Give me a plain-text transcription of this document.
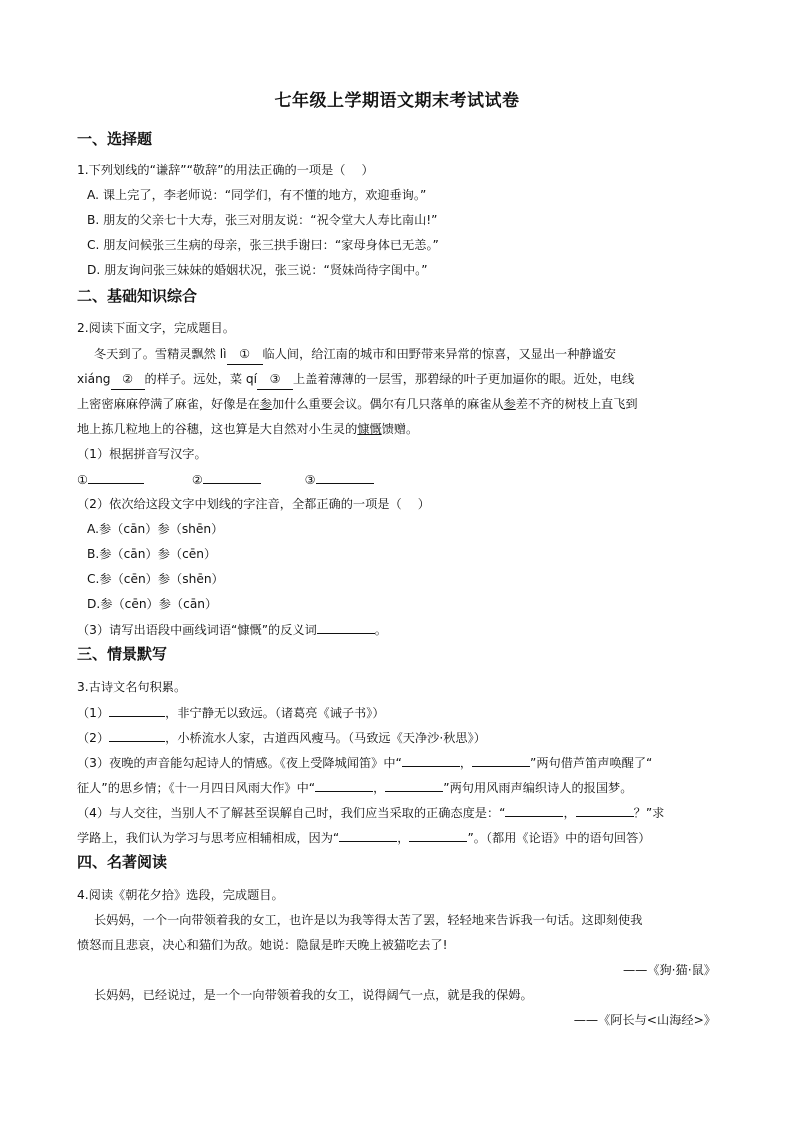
七年级上学期语文期末考试试卷
一、选择题
1.下列划线的“谦辞”“敬辞”的用法正确的一项是（　 ）
A. 课上完了，李老师说：“同学们，有不懂的地方，欢迎垂询。”
B. 朋友的父亲七十大寿，张三对朋友说：“祝令堂大人寿比南山!”
C. 朋友问候张三生病的母亲，张三拱手谢曰：“家母身体已无恙。”
D. 朋友询问张三妹妹的婚姻状况，张三说：“贤妹尚待字闺中。”
二、基础知识综合
2.阅读下面文字，完成题目。
冬天到了。雪精灵飘然 lì ① 临人间，给江南的城市和田野带来异常的惊喜，又显出一种静谧安
xiáng ② 的样子。远处，菜 qí ③ 上盖着薄薄的一层雪，那碧绿的叶子更加逼你的眼。近处，电线
上密密麻麻停满了麻雀，好像是在参加什么重要会议。偶尔有几只落单的麻雀从参差不齐的树枝上直飞到
地上拣几粒地上的谷穗，这也算是大自然对小生灵的慷慨馈赠。
（1）根据拼音写汉字。
①	②	③
（2）依次给这段文字中划线的字注音，全都正确的一项是（　 ）
A.参（cān）参（shēn）
B.参（cān）参（cēn）
C.参（cēn）参（shēn）
D.参（cēn）参（cān）
（3）请写出语段中画线词语“慷慨”的反义词	。
三、情景默写
3.古诗文名句积累。
（1）	，非宁静无以致远。（诸葛亮《诫子书》）
（2）	，小桥流水人家，古道西风瘦马。（马致远《天净沙·秋思》）
（3）夜晚的声音能勾起诗人的情感。《夜上受降城闻笛》中“	，	”两句借芦笛声唤醒了“
征人”的思乡情；《十一月四日风雨大作》中“	，	”两句用风雨声编织诗人的报国梦。
（4）与人交往，当别人不了解甚至误解自己时，我们应当采取的正确态度是：“	，	？”求
学路上，我们认为学习与思考应相辅相成，因为“	，	”。（都用《论语》中的语句回答）
四、名著阅读
4.阅读《朝花夕拾》选段，完成题目。
长妈妈，一个一向带领着我的女工，也许是以为我等得太苦了罢，轻轻地来告诉我一句话。这即刻使我
愤怒而且悲哀，决心和猫们为敌。她说：隐鼠是昨天晚上被猫吃去了!
——《狗·猫·鼠》
长妈妈，已经说过，是一个一向带领着我的女工，说得阔气一点，就是我的保姆。
——《阿长与<山海经>》
